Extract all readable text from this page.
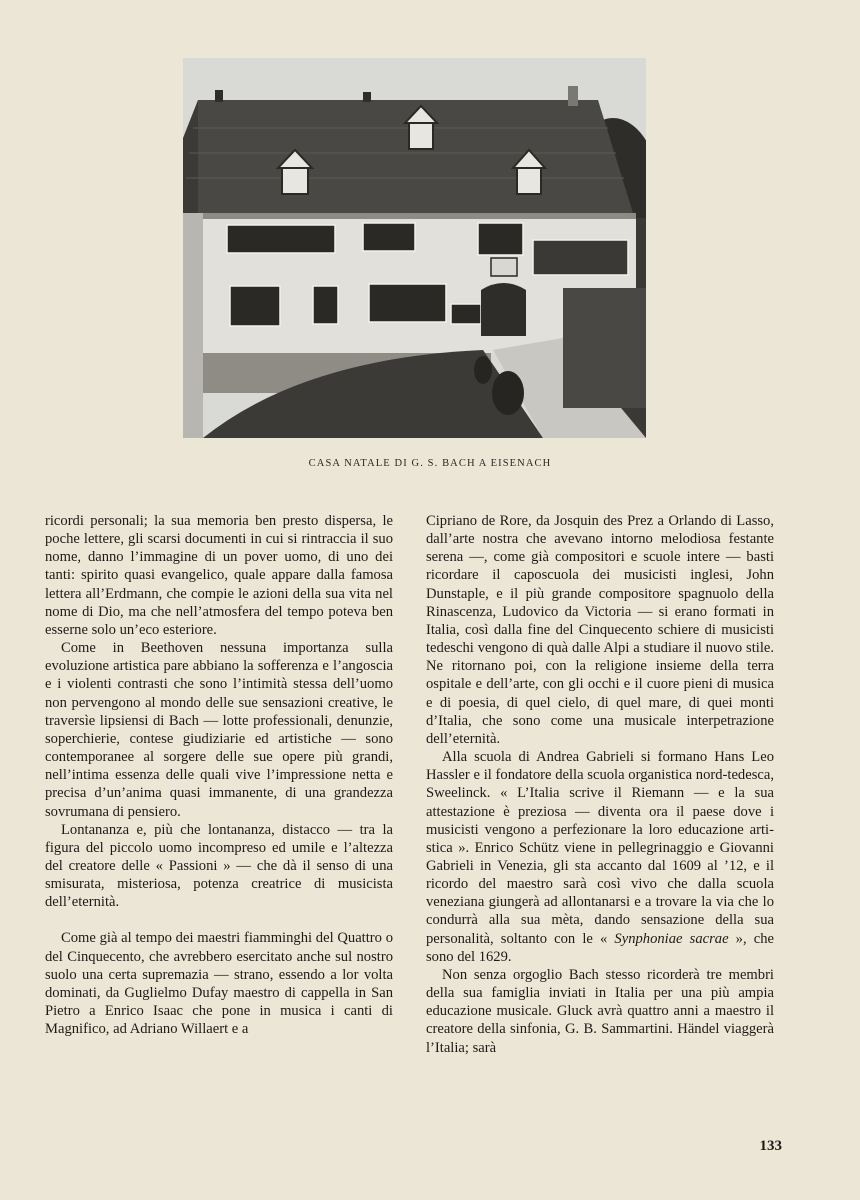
CASA NATALE DI G. S. BACH A EISENACH

ricordi personali; la sua memoria ben presto dispersa, le poche lettere, gli scarsi documenti in cui si rintraccia il suo nome, danno l’immagine di un pover uomo, di uno dei tanti: spirito quasi evangelico, quale appare dalla famosa lettera all’Erdmann, che compie le azioni della sua vita nel nome di Dio, ma che nell’atmosfera del tempo poteva ben esserne solo un’eco esteriore.

Come in Beethoven nessuna importanza sulla evoluzione artistica pare abbiano la sofferenza e l’angoscia e i violenti contrasti che sono l’intimità stessa dell’uomo non pervengono al mondo delle sue sensazioni creative, le traversìe lipsiensi di Bach — lotte professionali, denunzie, soperchierie, contese giudiziarie ed artistiche — sono contemporanee al sorgere delle sue opere più grandi, nell’intima essenza delle quali vive l’impressione netta e precisa d’un’anima quasi immanente, di una grandezza sovrumana di pensiero.

Lontananza e, più che lontananza, distacco — tra la figura del piccolo uomo incompreso ed umile e l’altezza del creatore delle « Passioni » — che dà il senso di una smisurata, misteriosa, potenza creatrice di musicista dell’eternità.

Come già al tempo dei maestri fiamminghi del Quattro o del Cinquecento, che avrebbero esercitato anche sul nostro suolo una certa supremazia — strano, essendo a lor volta dominati, da Guglielmo Dufay maestro di cappella in San Pietro a Enrico Isaac che pone in musica i canti di Magnifico, ad Adriano Willaert e a

Cipriano de Rore, da Josquin des Prez a Orlando di Lasso, dall’arte nostra che avevano intorno melodiosa festante serena —, come già compositori e scuole intere — basti ricordare il caposcuola dei musicisti inglesi, John Dunstaple, e il più grande compositore spagnuolo della Rinascenza, Ludovico da Victoria — si erano formati in Italia, così dalla fine del Cinquecento schiere di musicisti tedeschi vengono di quà dalle Alpi a studiare il nuovo stile. Ne ritornano poi, con la religione insieme della terra ospitale e dell’arte, con gli occhi e il cuore pieni di musica e di poesia, di quel cielo, di quel mare, di quei monti d’Italia, che sono come una musicale interpetrazione dell’eternità.

Alla scuola di Andrea Gabrieli si formano Hans Leo Hassler e il fondatore della scuola organistica nord-tedesca, Sweelinck. « L’Italia scrive il Riemann — e la sua attestazione è preziosa — diventa ora il paese dove i musicisti vengono a perfezionare la loro educazione artistica ». Enrico Schütz viene in pellegrinaggio e Giovanni Gabrieli in Venezia, gli sta accanto dal 1609 al ’12, e il ricordo del maestro sarà così vivo che dalla scuola veneziana giungerà ad allontanarsi e a trovare la via che lo condurrà alla sua mèta, dando sensazione della sua personalità, soltanto con le « Synphoniae sacrae », che sono del 1629.

Non senza orgoglio Bach stesso ricorderà tre membri della sua famiglia inviati in Italia per una più ampia educazione musicale. Gluck avrà quattro anni a maestro il creatore della sinfonia, G. B. Sammartini. Händel viaggerà l’Italia; sarà

133
